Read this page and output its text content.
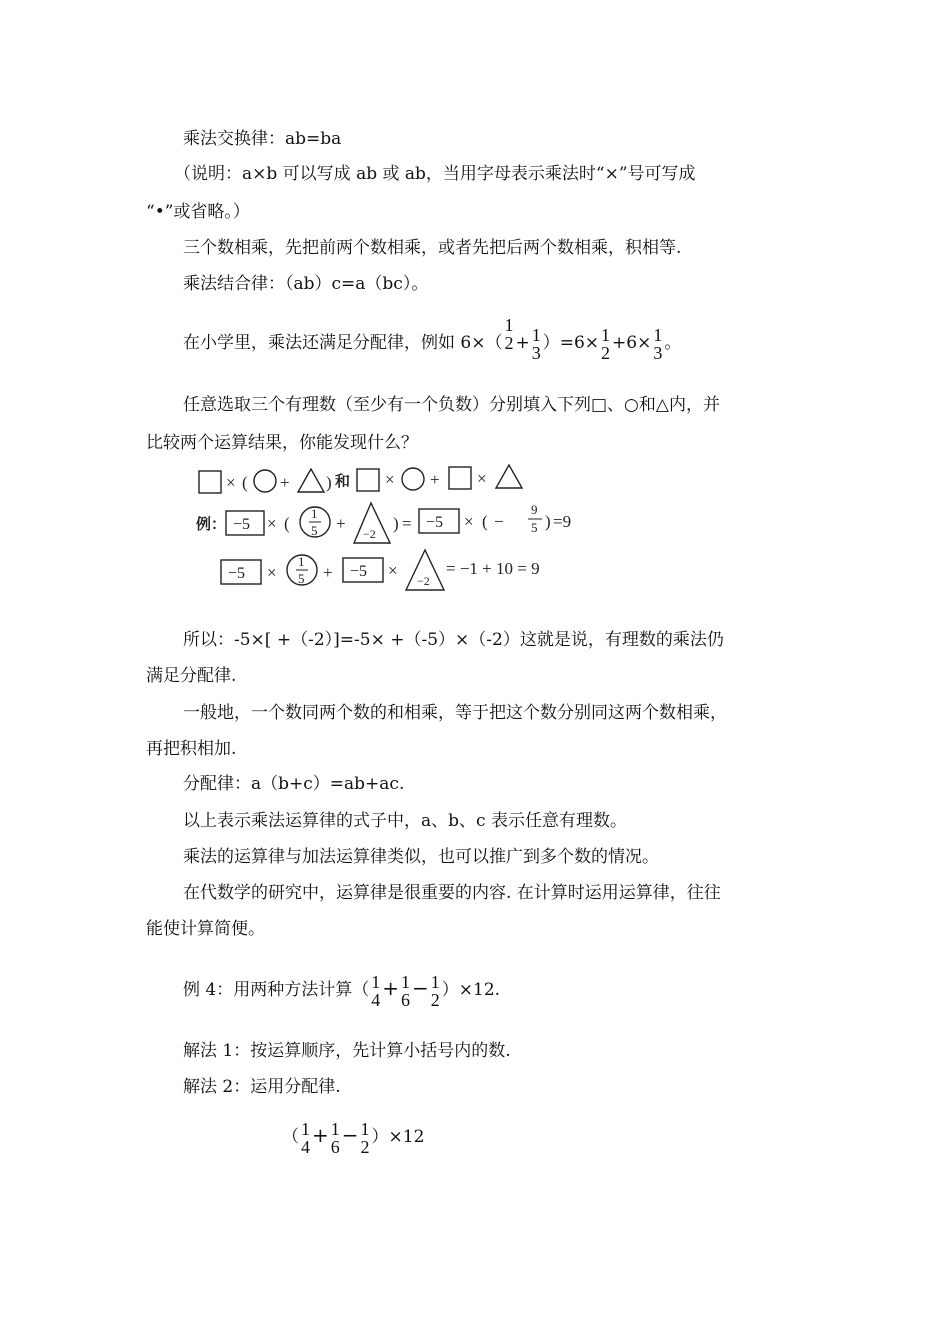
乘法交换律：ab=ba
（说明：a×b 可以写成 ab 或 ab，当用字母表示乘法时“×”号可写成
“•”或省略。）
三个数相乘，先把前两个数相乘，或者先把后两个数相乘，积相等.
乘法结合律：（ab）c=a（bc）。
在小学里，乘法还满足分配律，例如 6×（
1
2 + 1
3 ）=6× 1
2 +6× 1
3 。
任意选取三个有理数（至少有一个负数）分别填入下列□、○和△内，并
比较两个运算结果，你能发现什么？
× ( + ) 和 × + ×
例： −5 × (
1
5 +
−2
) = −5 × ( −
9
5 ) =9
−5 ×
1
5 + −5 ×
−2
= −1 + 10 = 9
所以：-5×[ +（-2）]=-5× +（-5）×（-2）这就是说，有理数的乘法仍
满足分配律.
一般地，一个数同两个数的和相乘，等于把这个数分别同这两个数相乘，
再把积相加.
分配律：a（b+c）=ab+ac.
以上表示乘法运算律的式子中，a、b、c 表示任意有理数。
乘法的运算律与加法运算律类似，也可以推广到多个数的情况。
在代数学的研究中，运算律是很重要的内容. 在计算时运用运算律，往往
能使计算简便。
例 4：用两种方法计算（ 1
4 + 1
6 − 1
2 ）×12.
解法 1：按运算顺序，先计算小括号内的数.
解法 2：运用分配律.
（ 1
4 + 1
6 − 1
2 ）×12
